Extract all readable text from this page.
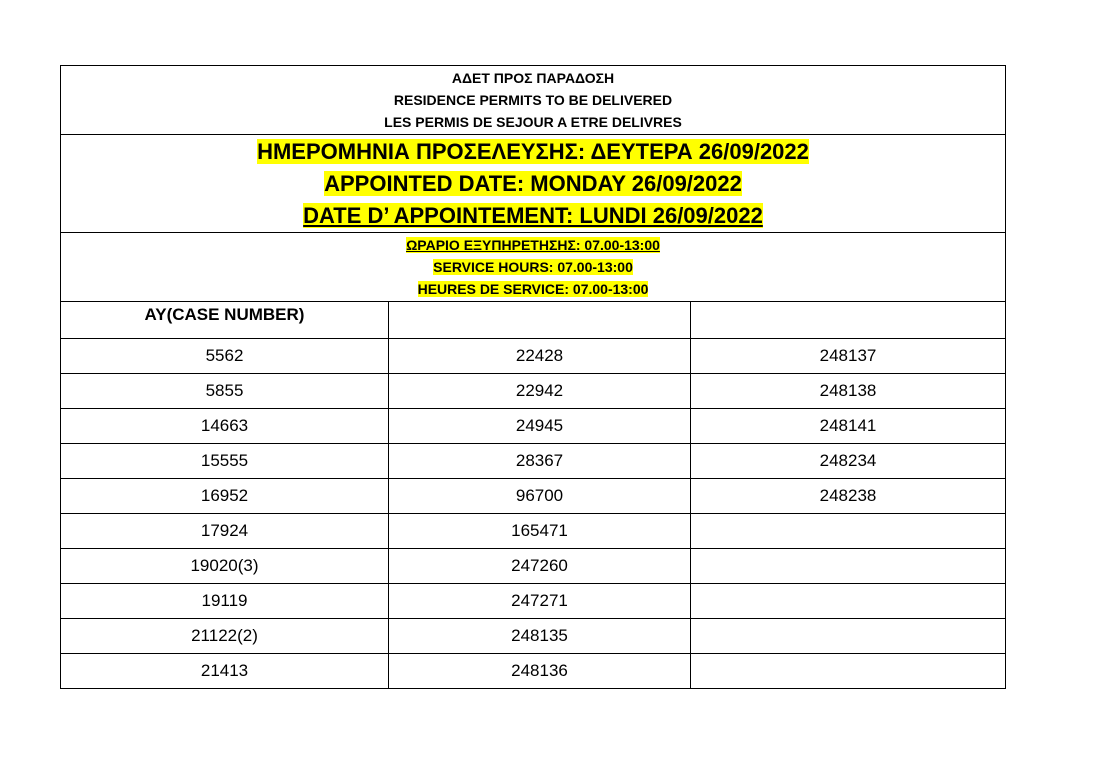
ΑΔΕΤ ΠΡΟΣ ΠΑΡΑΔΟΣΗ
RESIDENCE PERMITS TO BE DELIVERED
LES PERMIS DE SEJOUR A ETRE DELIVRES		

ΗΜΕΡΟΜΗΝΙΑ ΠΡΟΣΕΛΕΥΣΗΣ: ΔΕΥΤΕΡΑ 26/09/2022
APPOINTED DATE: MONDAY 26/09/2022
DATE D’ APPOINTEMENT: LUNDI 26/09/2022		

ΩΡΑΡΙΟ ΕΞΥΠΗΡΕΤΗΣΗΣ: 07.00-13:00
SERVICE HOURS: 07.00-13:00
HEURES DE SERVICE: 07.00-13:00		

AY(CASE NUMBER)		
5562	22428	248137
5855	22942	248138
14663	24945	248141
15555	28367	248234
16952	96700	248238
17924	165471	
19020(3)	247260	
19119	247271	
21122(2)	248135	
21413	248136	
